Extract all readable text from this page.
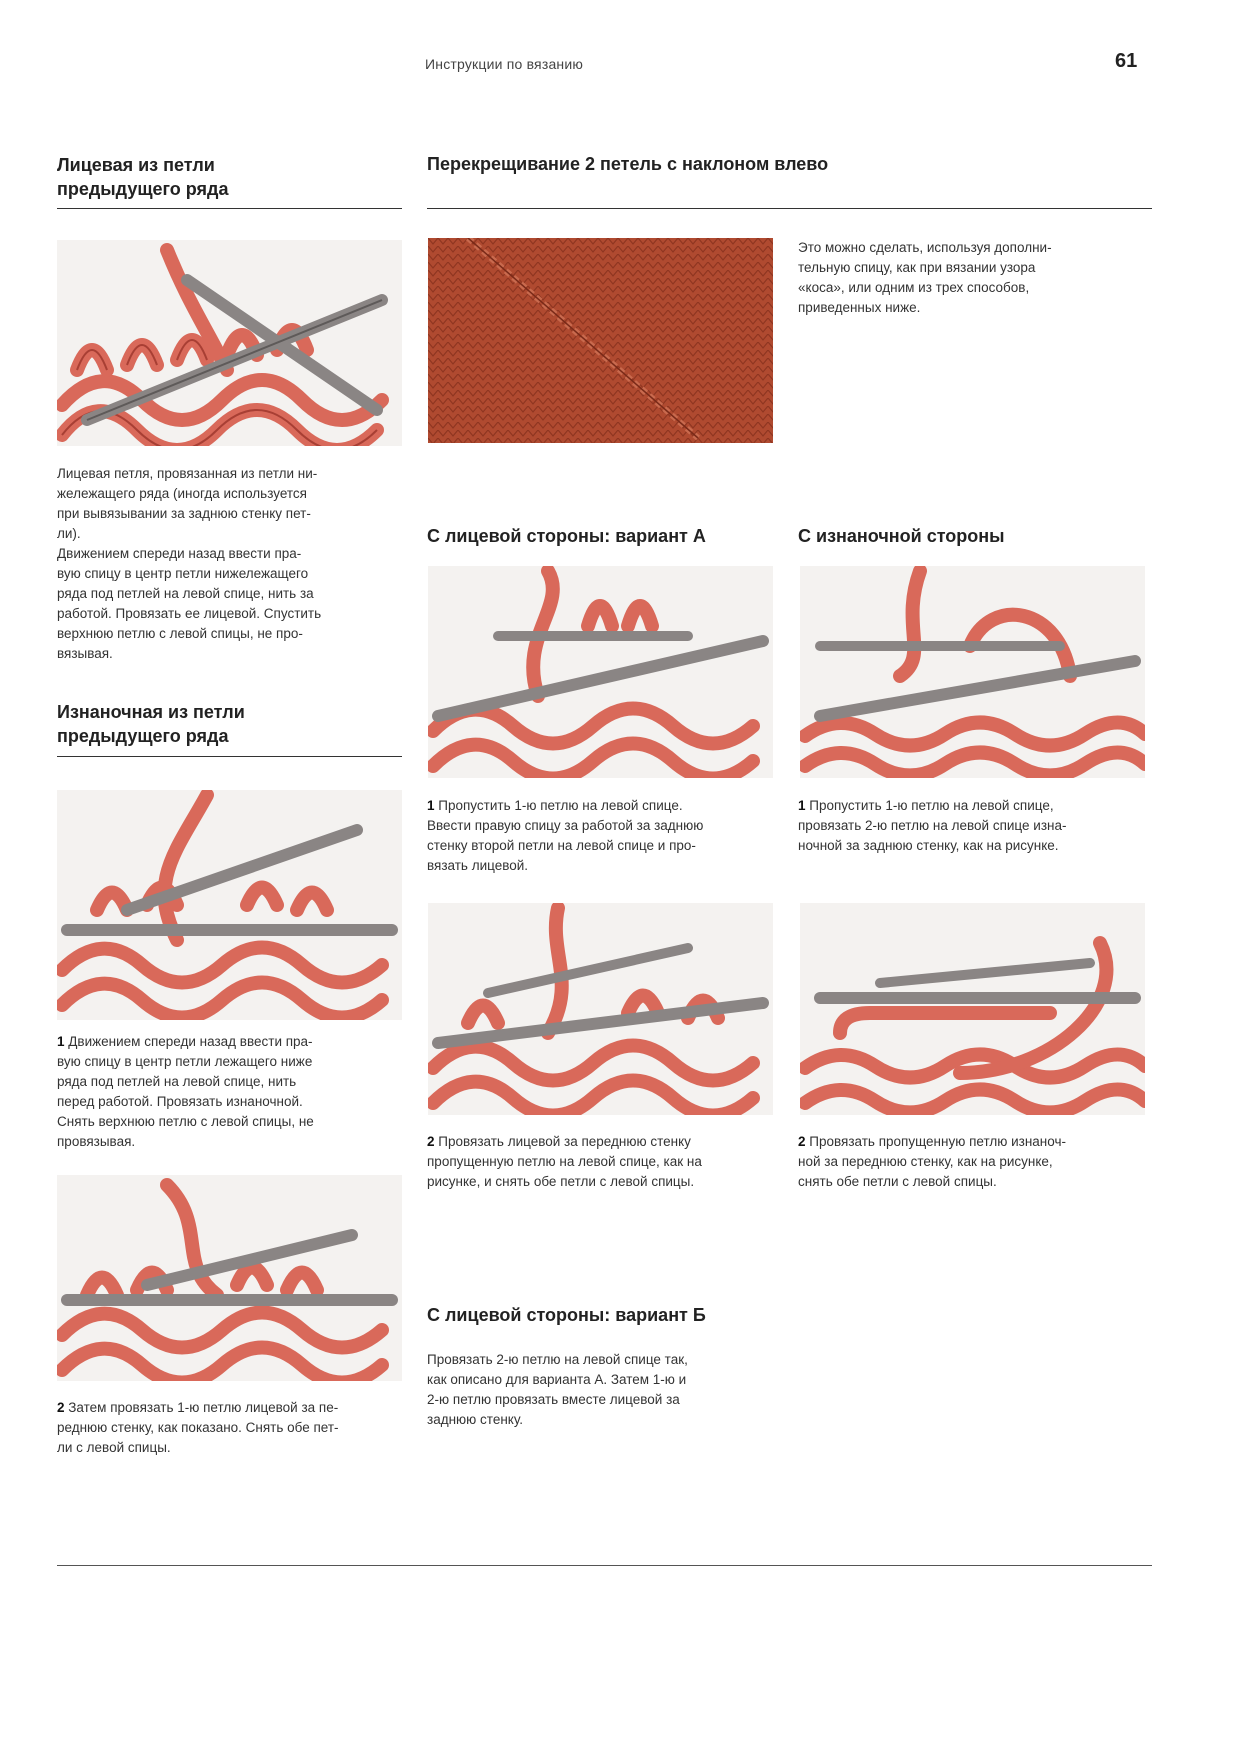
Инструкции по вязанию	61
Лицевая из петли
предыдущего ряда
Лицевая петля, провязанная из петли ни-
жележащего ряда (иногда используется
при вывязывании за заднюю стенку пет-
ли).
Движением спереди назад ввести пра-
вую спицу в центр петли нижележащего
ряда под петлей на левой спице, нить за
работой. Провязать ее лицевой. Спустить
верхнюю петлю с левой спицы, не про-
вязывая.
Изнаночная из петли
предыдущего ряда
1 Движением спереди назад ввести пра-
вую спицу в центр петли лежащего ниже
ряда под петлей на левой спице, нить
перед работой. Провязать изнаночной.
Снять верхнюю петлю с левой спицы, не
провязывая.
2 Затем провязать 1-ю петлю лицевой за пе-
реднюю стенку, как показано. Снять обе пет-
ли с левой спицы.
Перекрещивание 2 петель с наклоном влево
Это можно сделать, используя дополни-
тельную спицу, как при вязании узора
«коса», или одним из трех способов,
приведенных ниже.
С лицевой стороны: вариант А
1 Пропустить 1-ю петлю на левой спице.
Ввести правую спицу за работой за заднюю
стенку второй петли на левой спице и про-
вязать лицевой.
2 Провязать лицевой за переднюю стенку
пропущенную петлю на левой спице, как на
рисунке, и снять обе петли с левой спицы.
С изнаночной стороны
1 Пропустить 1-ю петлю на левой спице,
провязать 2-ю петлю на левой спице изна-
ночной за заднюю стенку, как на рисунке.
2 Провязать пропущенную петлю изнаноч-
ной за переднюю стенку, как на рисунке,
снять обе петли с левой спицы.
С лицевой стороны: вариант Б
Провязать 2-ю петлю на левой спице так,
как описано для варианта А. Затем 1-ю и
2-ю петлю провязать вместе лицевой за
заднюю стенку.
